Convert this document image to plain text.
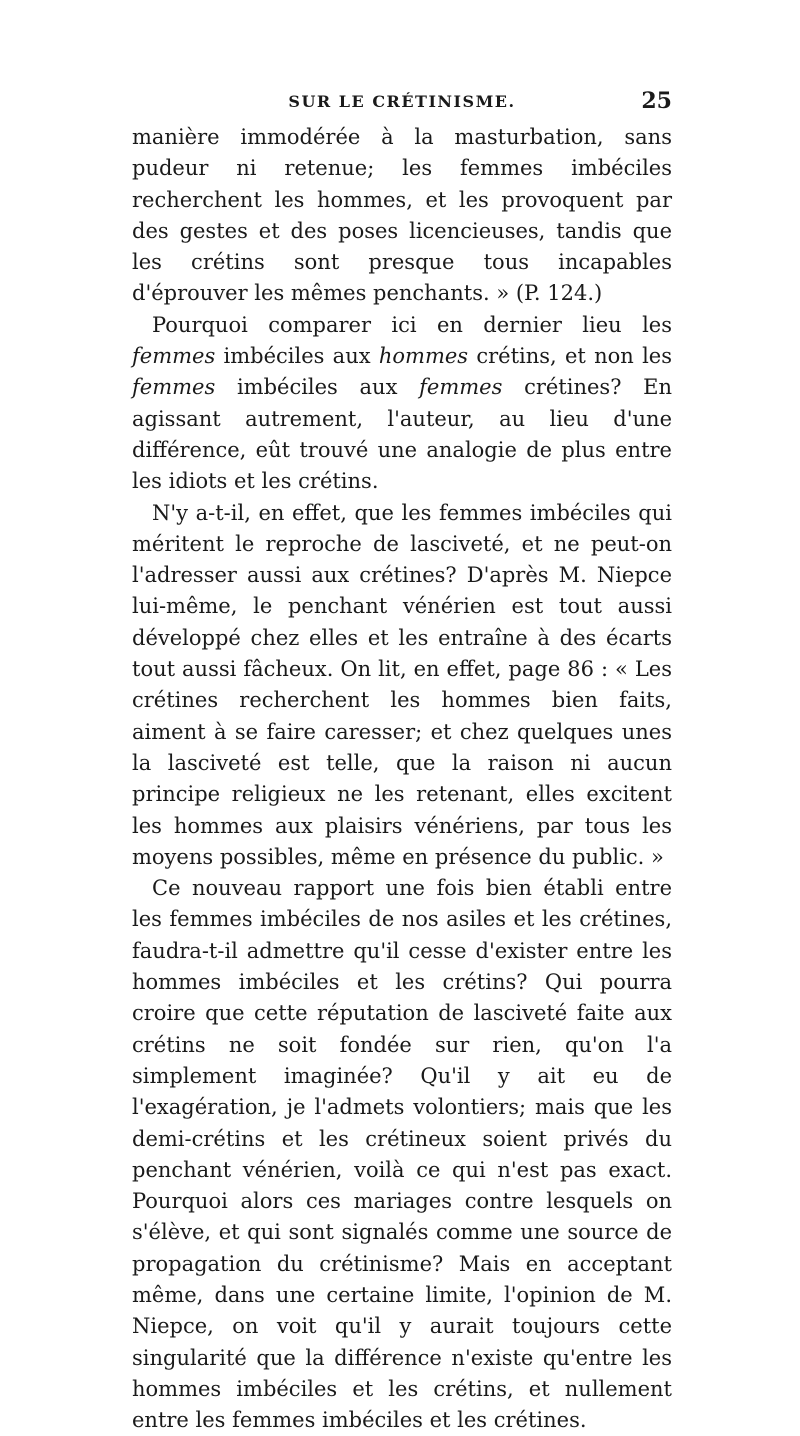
SUR LE CRÉTINISME.	25

manière immodérée à la masturbation, sans pudeur ni retenue; les femmes imbéciles recherchent les hommes, et les provoquent par des gestes et des poses licencieuses, tandis que les crétins sont presque tous incapables d'éprouver les mêmes penchants. » (P. 124.)

Pourquoi comparer ici en dernier lieu les femmes imbéciles aux hommes crétins, et non les femmes imbéciles aux femmes crétines? En agissant autrement, l'auteur, au lieu d'une différence, eût trouvé une analogie de plus entre les idiots et les crétins.

N'y a-t-il, en effet, que les femmes imbéciles qui méritent le reproche de lasciveté, et ne peut-on l'adresser aussi aux crétines? D'après M. Niepce lui-même, le penchant vénérien est tout aussi développé chez elles et les entraîne à des écarts tout aussi fâcheux. On lit, en effet, page 86 : « Les crétines recherchent les hommes bien faits, aiment à se faire caresser; et chez quelques unes la lasciveté est telle, que la raison ni aucun principe religieux ne les retenant, elles excitent les hommes aux plaisirs vénériens, par tous les moyens possibles, même en présence du public. »

Ce nouveau rapport une fois bien établi entre les femmes imbéciles de nos asiles et les crétines, faudra-t-il admettre qu'il cesse d'exister entre les hommes imbéciles et les crétins? Qui pourra croire que cette réputation de lasciveté faite aux crétins ne soit fondée sur rien, qu'on l'a simplement imaginée? Qu'il y ait eu de l'exagération, je l'admets volontiers; mais que les demi-crétins et les crétineux soient privés du penchant vénérien, voilà ce qui n'est pas exact. Pourquoi alors ces mariages contre lesquels on s'élève, et qui sont signalés comme une source de propagation du crétinisme? Mais en acceptant même, dans une certaine limite, l'opinion de M. Niepce, on voit qu'il y aurait toujours cette singularité que la différence n'existe qu'entre les hommes imbéciles et les crétins, et nullement entre les femmes imbéciles et les crétines.
